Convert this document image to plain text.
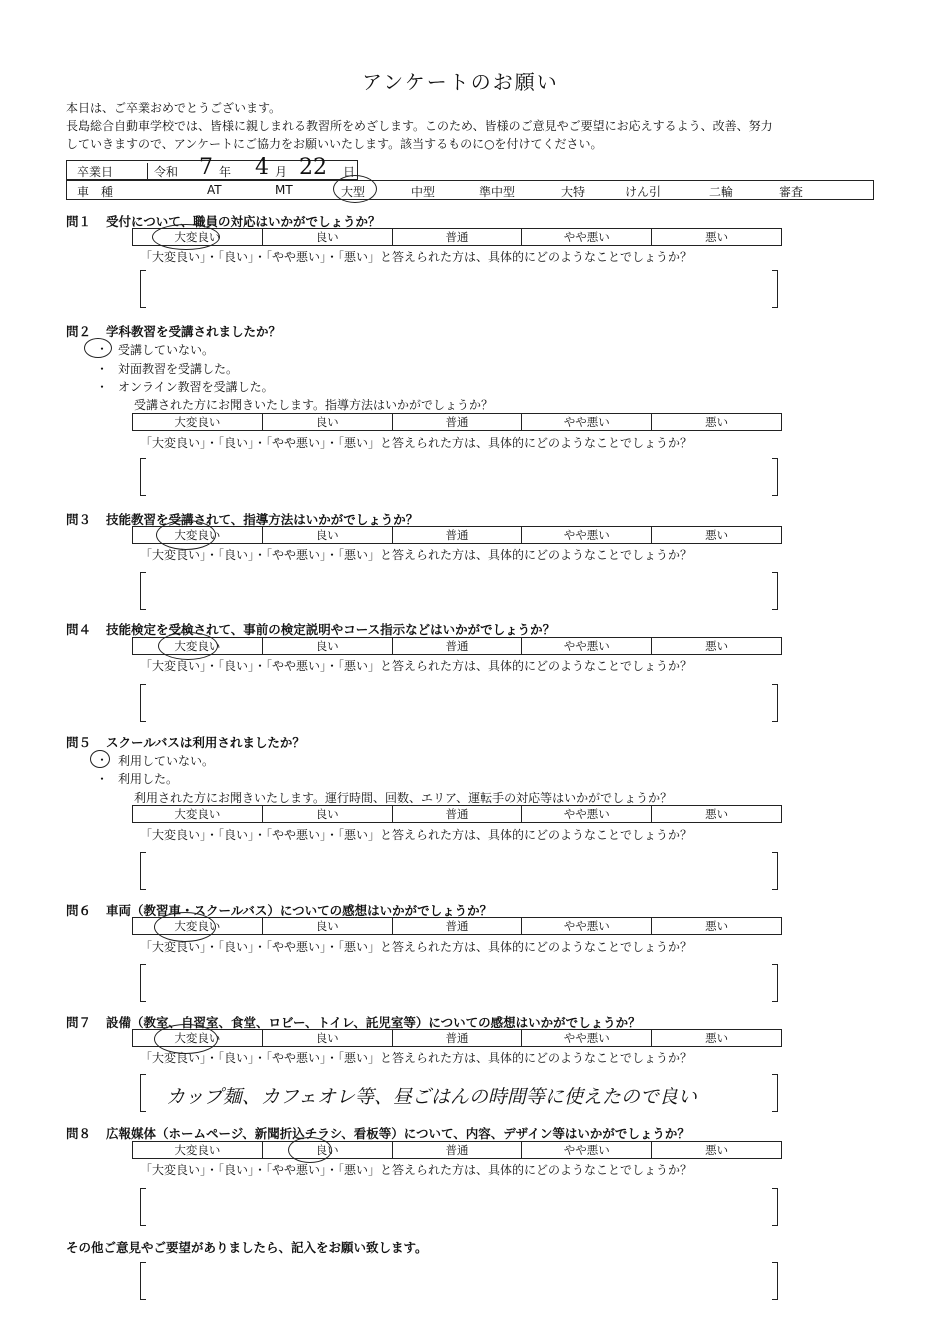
アンケートのお願い
本日は、ご卒業おめでとうございます。
長島総合自動車学校では、皆様に親しまれる教習所をめざします。このため、皆様のご意見やご要望にお応えするよう、改善、努力
していきますので、アンケートにご協力をお願いいたします。該当するものに○を付けてください。
卒業日	令和 7 年 4 月 22 日
車　種	AT	MT	大型	中型	準中型	大特	けん引	二輪	審査
問１ 受付について、職員の対応はいかがでしょうか？
大変良い	良い	普通	やや悪い	悪い
「大変良い」・「良い」・「やや悪い」・「悪い」と答えられた方は、具体的にどのようなことでしょうか？
問２ 学科教習を受講されましたか？
・ 受講していない。
・ 対面教習を受講した。
・ オンライン教習を受講した。
受講された方にお聞きいたします。指導方法はいかがでしょうか？
大変良い	良い	普通	やや悪い	悪い
「大変良い」・「良い」・「やや悪い」・「悪い」と答えられた方は、具体的にどのようなことでしょうか？
問３ 技能教習を受講されて、指導方法はいかがでしょうか？
大変良い	良い	普通	やや悪い	悪い
「大変良い」・「良い」・「やや悪い」・「悪い」と答えられた方は、具体的にどのようなことでしょうか？
問４ 技能検定を受検されて、事前の検定説明やコース指示などはいかがでしょうか？
大変良い	良い	普通	やや悪い	悪い
「大変良い」・「良い」・「やや悪い」・「悪い」と答えられた方は、具体的にどのようなことでしょうか？
問５ スクールバスは利用されましたか？
・ 利用していない。
・ 利用した。
利用された方にお聞きいたします。運行時間、回数、エリア、運転手の対応等はいかがでしょうか？
大変良い	良い	普通	やや悪い	悪い
「大変良い」・「良い」・「やや悪い」・「悪い」と答えられた方は、具体的にどのようなことでしょうか？
問６ 車両（教習車・スクールバス）についての感想はいかがでしょうか？
大変良い	良い	普通	やや悪い	悪い
「大変良い」・「良い」・「やや悪い」・「悪い」と答えられた方は、具体的にどのようなことでしょうか？
問７ 設備（教室、自習室、食堂、ロビー、トイレ、託児室等）についての感想はいかがでしょうか？
大変良い	良い	普通	やや悪い	悪い
「大変良い」・「良い」・「やや悪い」・「悪い」と答えられた方は、具体的にどのようなことでしょうか？
カップ麺、カフェオレ等、昼ごはんの時間等に使えたので良い
問８ 広報媒体（ホームページ、新聞折込チラシ、看板等）について、内容、デザイン等はいかがでしょうか？
大変良い	良い	普通	やや悪い	悪い
「大変良い」・「良い」・「やや悪い」・「悪い」と答えられた方は、具体的にどのようなことでしょうか？
その他ご意見やご要望がありましたら、記入をお願い致します。
